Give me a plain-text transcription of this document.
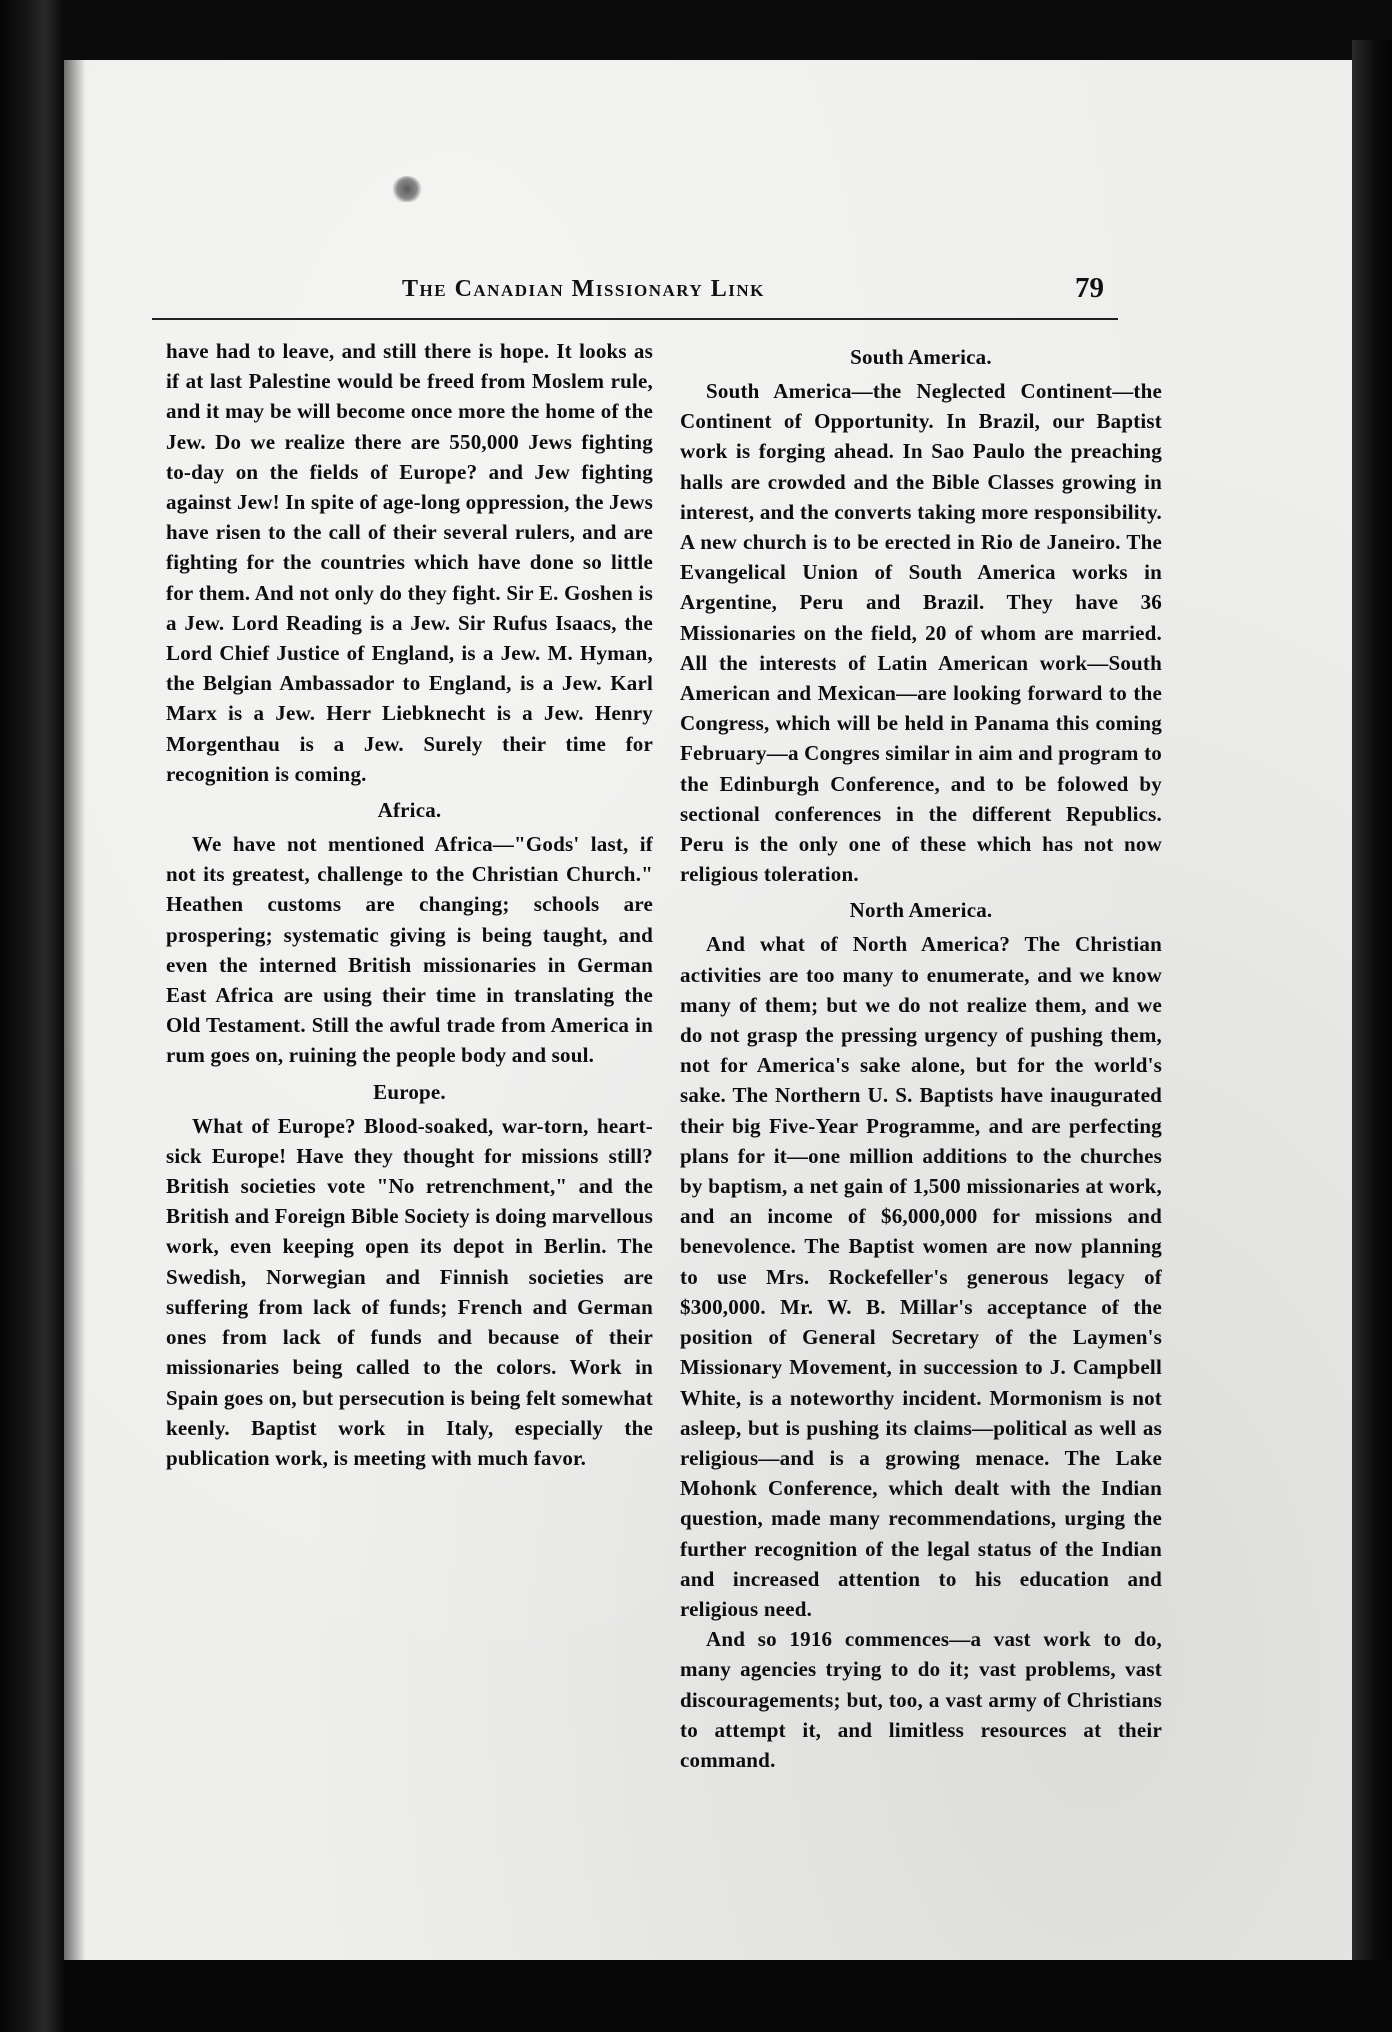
The Canadian Missionary Link	79

have had to leave, and still there is hope. It looks as if at last Palestine would be freed from Moslem rule, and it may be will become once more the home of the Jew. Do we realize there are 550,000 Jews fighting to-day on the fields of Europe? and Jew fighting against Jew! In spite of age-long oppression, the Jews have risen to the call of their several rulers, and are fighting for the countries which have done so little for them. And not only do they fight. Sir E. Goshen is a Jew. Lord Reading is a Jew. Sir Rufus Isaacs, the Lord Chief Justice of England, is a Jew. M. Hyman, the Belgian Ambassador to England, is a Jew. Karl Marx is a Jew. Herr Liebknecht is a Jew. Henry Morgenthau is a Jew. Surely their time for recognition is coming.

Africa.

We have not mentioned Africa—"Gods' last, if not its greatest, challenge to the Christian Church." Heathen customs are changing; schools are prospering; systematic giving is being taught, and even the interned British missionaries in German East Africa are using their time in translating the Old Testament. Still the awful trade from America in rum goes on, ruining the people body and soul.

Europe.

What of Europe? Blood-soaked, war-torn, heart-sick Europe! Have they thought for missions still? British societies vote "No retrenchment," and the British and Foreign Bible Society is doing marvellous work, even keeping open its depot in Berlin. The Swedish, Norwegian and Finnish societies are suffering from lack of funds; French and German ones from lack of funds and because of their missionaries being called to the colors. Work in Spain goes on, but persecution is being felt somewhat keenly. Baptist work in Italy, especially the publication work, is meeting with much favor.

South America.

South America—the Neglected Continent—the Continent of Opportunity. In Brazil, our Baptist work is forging ahead. In Sao Paulo the preaching halls are crowded and the Bible Classes growing in interest, and the converts taking more responsibility. A new church is to be erected in Rio de Janeiro. The Evangelical Union of South America works in Argentine, Peru and Brazil. They have 36 Missionaries on the field, 20 of whom are married. All the interests of Latin American work—South American and Mexican—are looking forward to the Congress, which will be held in Panama this coming February—a Congres similar in aim and program to the Edinburgh Conference, and to be folowed by sectional conferences in the different Republics. Peru is the only one of these which has not now religious toleration.

North America.

And what of North America? The Christian activities are too many to enumerate, and we know many of them; but we do not realize them, and we do not grasp the pressing urgency of pushing them, not for America's sake alone, but for the world's sake. The Northern U. S. Baptists have inaugurated their big Five-Year Programme, and are perfecting plans for it—one million additions to the churches by baptism, a net gain of 1,500 missionaries at work, and an income of $6,000,000 for missions and benevolence. The Baptist women are now planning to use Mrs. Rockefeller's generous legacy of $300,000. Mr. W. B. Millar's acceptance of the position of General Secretary of the Laymen's Missionary Movement, in succession to J. Campbell White, is a noteworthy incident. Mormonism is not asleep, but is pushing its claims—political as well as religious—and is a growing menace. The Lake Mohonk Conference, which dealt with the Indian question, made many recommendations, urging the further recognition of the legal status of the Indian and increased attention to his education and religious need.

And so 1916 commences—a vast work to do, many agencies trying to do it; vast problems, vast discouragements; but, too, a vast army of Christians to attempt it, and limitless resources at their command.
